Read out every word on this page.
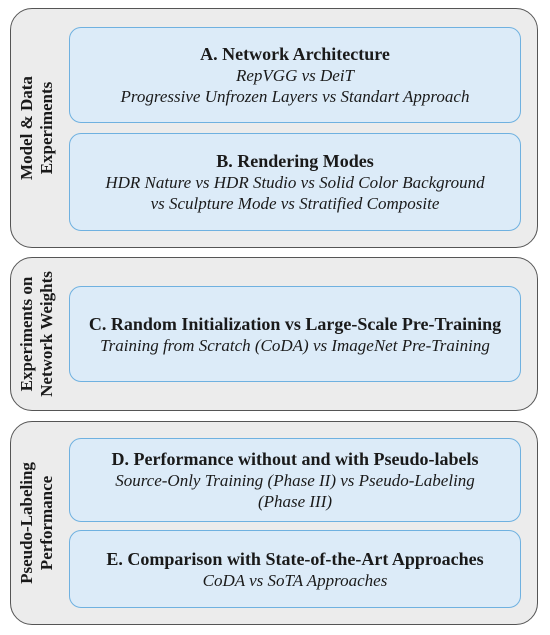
Model & Data Experiments
A. Network Architecture
RepVGG vs DeiT
Progressive Unfrozen Layers vs Standart Approach
B. Rendering Modes
HDR Nature vs HDR Studio vs Solid Color Background
vs Sculpture Mode vs Stratified Composite
Experiments on Network Weights C. Random Initialization vs Large-Scale Pre-Training
Training from Scratch (CoDA) vs ImageNet Pre-Training
Pseudo-Labeling Performance
D. Performance without and with Pseudo-labels
Source-Only Training (Phase II) vs Pseudo-Labeling
(Phase III)
E. Comparison with State-of-the-Art Approaches
CoDA vs SoTA Approaches
